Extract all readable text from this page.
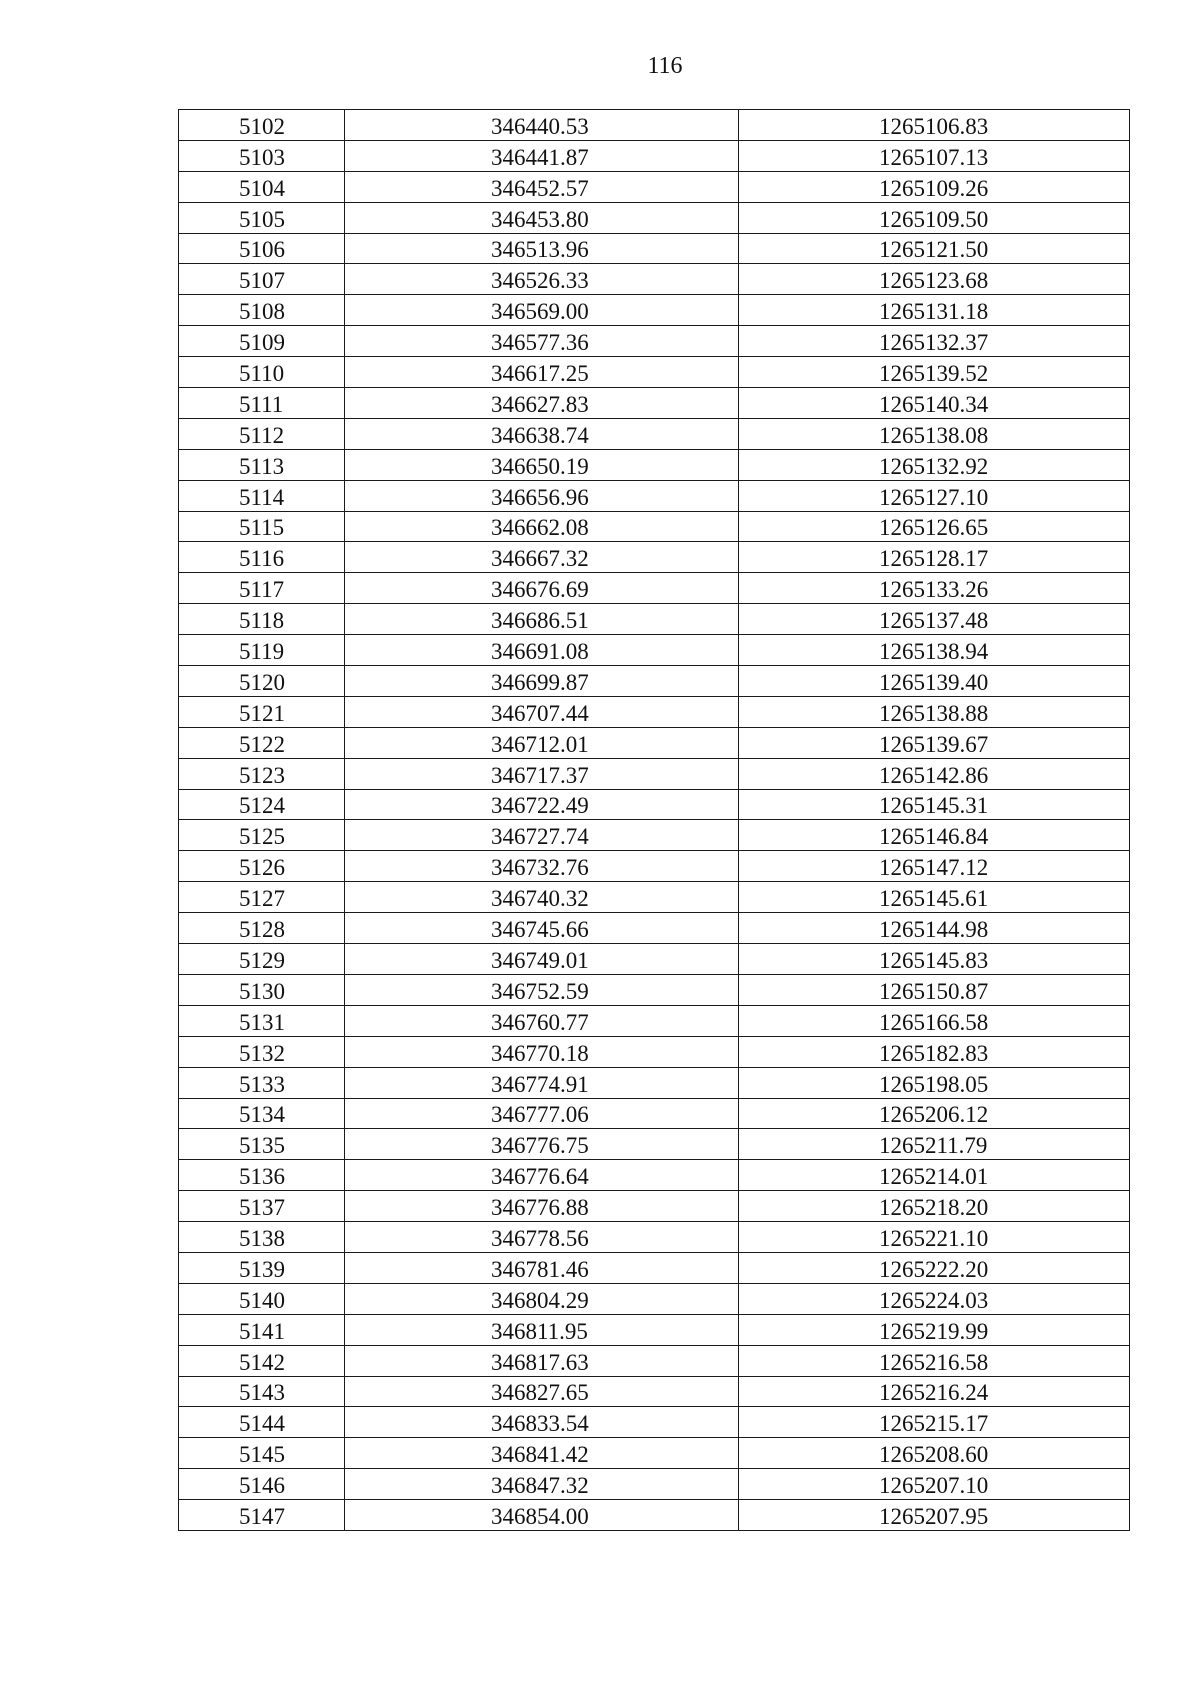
116
5102	346440.53	1265106.83
5103	346441.87	1265107.13
5104	346452.57	1265109.26
5105	346453.80	1265109.50
5106	346513.96	1265121.50
5107	346526.33	1265123.68
5108	346569.00	1265131.18
5109	346577.36	1265132.37
5110	346617.25	1265139.52
5111	346627.83	1265140.34
5112	346638.74	1265138.08
5113	346650.19	1265132.92
5114	346656.96	1265127.10
5115	346662.08	1265126.65
5116	346667.32	1265128.17
5117	346676.69	1265133.26
5118	346686.51	1265137.48
5119	346691.08	1265138.94
5120	346699.87	1265139.40
5121	346707.44	1265138.88
5122	346712.01	1265139.67
5123	346717.37	1265142.86
5124	346722.49	1265145.31
5125	346727.74	1265146.84
5126	346732.76	1265147.12
5127	346740.32	1265145.61
5128	346745.66	1265144.98
5129	346749.01	1265145.83
5130	346752.59	1265150.87
5131	346760.77	1265166.58
5132	346770.18	1265182.83
5133	346774.91	1265198.05
5134	346777.06	1265206.12
5135	346776.75	1265211.79
5136	346776.64	1265214.01
5137	346776.88	1265218.20
5138	346778.56	1265221.10
5139	346781.46	1265222.20
5140	346804.29	1265224.03
5141	346811.95	1265219.99
5142	346817.63	1265216.58
5143	346827.65	1265216.24
5144	346833.54	1265215.17
5145	346841.42	1265208.60
5146	346847.32	1265207.10
5147	346854.00	1265207.95
